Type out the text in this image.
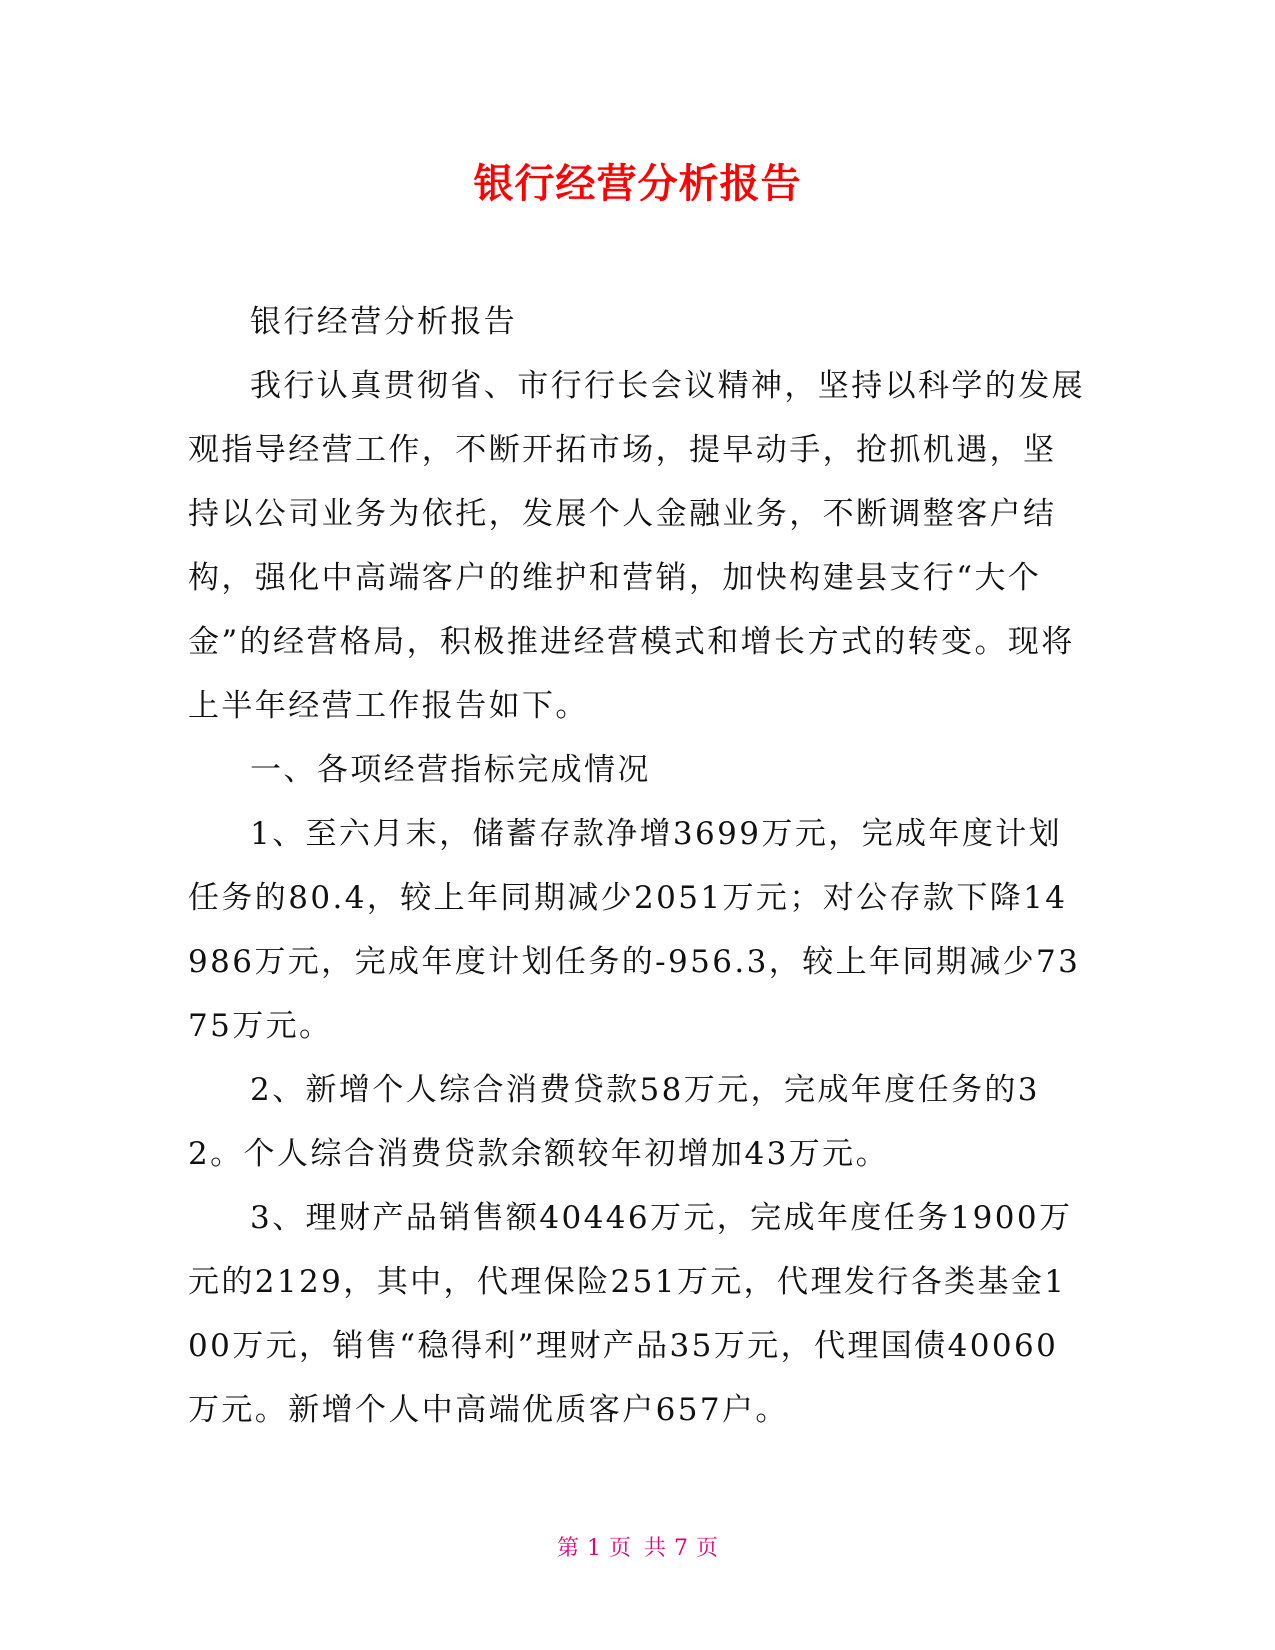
银行经营分析报告

银行经营分析报告

我行认真贯彻省、市行行长会议精神，坚持以科学的发展观指导经营工作，不断开拓市场，提早动手，抢抓机遇，坚持以公司业务为依托，发展个人金融业务，不断调整客户结构，强化中高端客户的维护和营销，加快构建县支行“大个金”的经营格局，积极推进经营模式和增长方式的转变。现将上半年经营工作报告如下。

一、各项经营指标完成情况

1、至六月末，储蓄存款净增3699万元，完成年度计划任务的80.4，较上年同期减少2051万元；对公存款下降14986万元，完成年度计划任务的-956.3，较上年同期减少7375万元。

2、新增个人综合消费贷款58万元，完成年度任务的32。个人综合消费贷款余额较年初增加43万元。

3、理财产品销售额40446万元，完成年度任务1900万元的2129，其中，代理保险251万元，代理发行各类基金100万元，销售“稳得利”理财产品35万元，代理国债40060万元。新增个人中高端优质客户657户。

第 1 页 共 7 页
